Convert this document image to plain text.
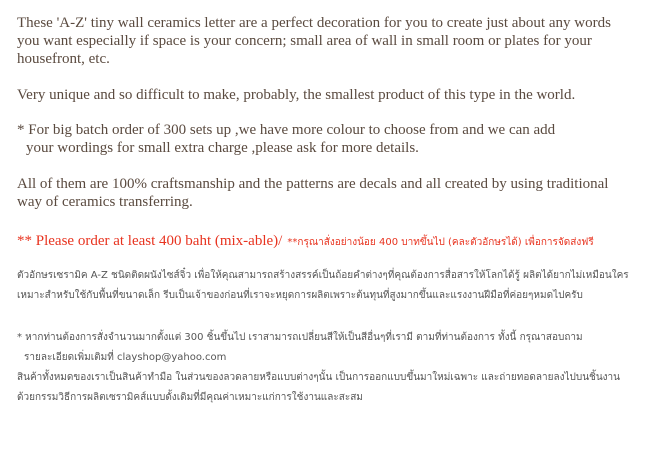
These 'A-Z' tiny wall ceramics letter are a perfect decoration for you to create just about any words
you want especially if space is your concern; small area of wall in small room or plates for your
housefront, etc.

Very unique and so difficult to make, probably, the smallest product of this type in the world.

* For big batch order of 300 sets up ,we have more colour to choose from and we can add
your wordings for small extra charge ,please ask for more details.

All of them are 100% craftsmanship and the patterns are decals and all created by using traditional
way of ceramics transferring.

** Please order at least 400 baht (mix-able)/ **กรุณาสั่งอย่างน้อย 400 บาทขึ้นไป (คละตัวอักษรได้) เพื่อการจัดส่งฟรี

ตัวอักษรเซรามิค A-Z ชนิดติดผนังไซส์จิ๋ว เพื่อให้คุณสามารถสร้างสรรค์เป็นถ้อยคำต่างๆที่คุณต้องการสื่อสารให้โลกได้รู้ ผลิตได้ยากไม่เหมือนใคร
เหมาะสำหรับใช้กับพื้นที่ขนาดเล็ก รีบเป็นเจ้าของก่อนที่เราจะหยุดการผลิตเพราะต้นทุนที่สูงมากขึ้นและแรงงานฝีมือที่ค่อยๆหมดไปครับ

* หากท่านต้องการสั่งจำนวนมากตั้งแต่ 300 ชิ้นขึ้นไป เราสามารถเปลี่ยนสีให้เป็นสีอื่นๆที่เรามี ตามที่ท่านต้องการ ทั้งนี้ กรุณาสอบถาม
รายละเอียดเพิ่มเติมที่ clayshop@yahoo.com

สินค้าทั้งหมดของเราเป็นสินค้าทำมือ ในส่วนของลวดลายหรือแบบต่างๆนั้น เป็นการออกแบบขึ้นมาใหม่เฉพาะ และถ่ายทอดลายลงไปบนชิ้นงาน
ด้วยกรรมวิธีการผลิตเซรามิคส์แบบดั้งเดิมที่มีคุณค่าเหมาะแก่การใช้งานและสะสม
